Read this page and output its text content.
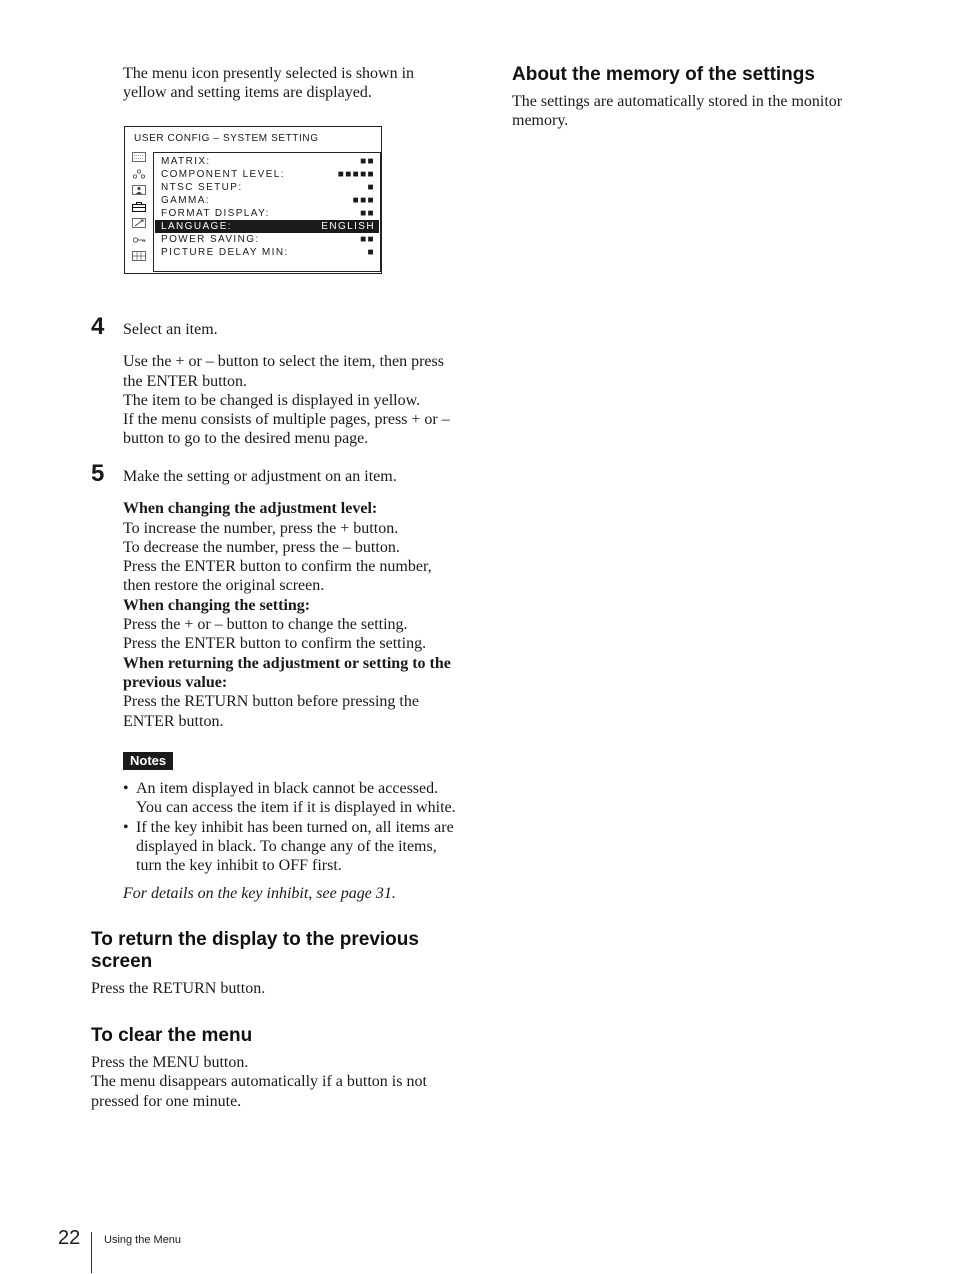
The menu icon presently selected is shown in

yellow and setting items are displayed.

USER CONFIG – SYSTEM SETTING
MATRIX:	■■
COMPONENT LEVEL:	■■■■■
NTSC SETUP:	■
GAMMA:	■■■
FORMAT DISPLAY:	■■
LANGUAGE:	ENGLISH
POWER SAVING:	■■
PICTURE DELAY MIN:	■
4 Select an item.

Use the + or – button to select the item, then press

the ENTER button.

The item to be changed is displayed in yellow.

If the menu consists of multiple pages, press + or –

button to go to the desired menu page.

5 Make the setting or adjustment on an item.

When changing the adjustment level:

To increase the number, press the + button.

To decrease the number, press the – button.

Press the ENTER button to confirm the number,

then restore the original screen.

When changing the setting:

Press the + or – button to change the setting.

Press the ENTER button to confirm the setting.

When returning the adjustment or setting to the

previous value:

Press the RETURN button before pressing the

ENTER button.

Notes
• An item displayed in black cannot be accessed.

You can access the item if it is displayed in white.

• If the key inhibit has been turned on, all items are

displayed in black. To change any of the items,

turn the key inhibit to OFF first.

For details on the key inhibit, see page 31.
To return the display to the previous
screen
Press the RETURN button.
To clear the menu

Press the MENU button.

The menu disappears automatically if a button is not

pressed for one minute.

About the memory of the settings

The settings are automatically stored in the monitor

memory.

22 Using the Menu
